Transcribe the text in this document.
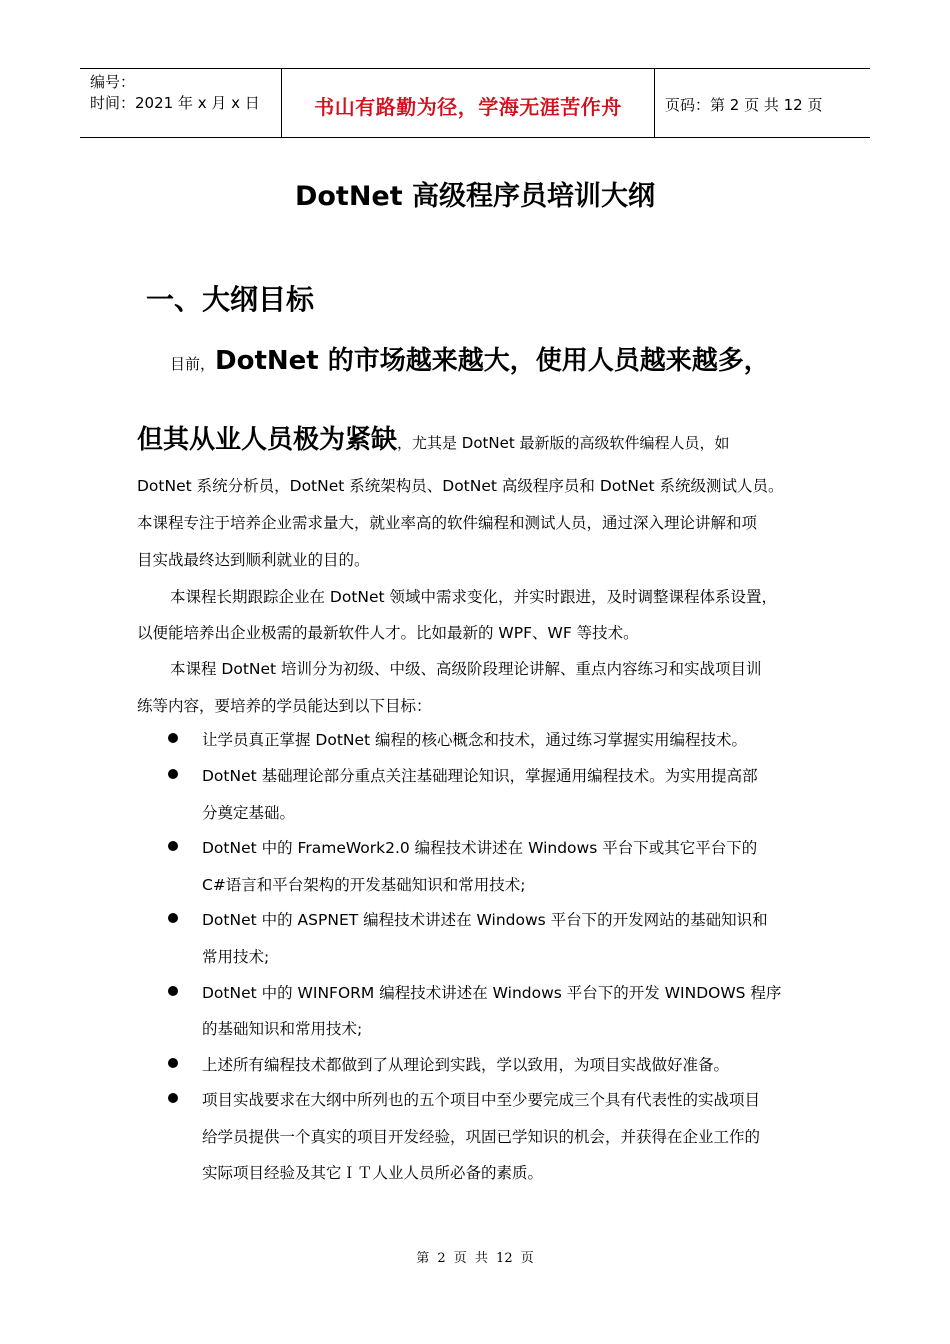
编号：
时间：2021 年 x 月 x 日	书山有路勤为径，学海无涯苦作舟	页码：第 2 页 共 12 页
DotNet 高级程序员培训大纲
一、大纲目标
目前，DotNet 的市场越来越大，使用人员越来越多，
但其从业人员极为紧缺，尤其是 DotNet 最新版的高级软件编程人员，如
DotNet 系统分析员，DotNet 系统架构员、DotNet 高级程序员和 DotNet 系统级测试人员。
本课程专注于培养企业需求量大，就业率高的软件编程和测试人员，通过深入理论讲解和项
目实战最终达到顺利就业的目的。
本课程长期跟踪企业在 DotNet 领域中需求变化，并实时跟进，及时调整课程体系设置，
以便能培养出企业极需的最新软件人才。比如最新的 WPF、WF 等技术。
本课程 DotNet 培训分为初级、中级、高级阶段理论讲解、重点内容练习和实战项目训
练等内容，要培养的学员能达到以下目标：
让学员真正掌握 DotNet 编程的核心概念和技术，通过练习掌握实用编程技术。
DotNet 基础理论部分重点关注基础理论知识，掌握通用编程技术。为实用提高部
分奠定基础。
DotNet 中的 FrameWork2.0 编程技术讲述在 Windows 平台下或其它平台下的
C#语言和平台架构的开发基础知识和常用技术;
DotNet 中的 ASPNET 编程技术讲述在 Windows 平台下的开发网站的基础知识和
常用技术;
DotNet 中的 WINFORM 编程技术讲述在 Windows 平台下的开发 WINDOWS 程序
的基础知识和常用技术;
上述所有编程技术都做到了从理论到实践，学以致用，为项目实战做好准备。
项目实战要求在大纲中所列也的五个项目中至少要完成三个具有代表性的实战项目
给学员提供一个真实的项目开发经验，巩固已学知识的机会，并获得在企业工作的
实际项目经验及其它ＩＴ人业人员所必备的素质。
第 2 页 共 12 页
